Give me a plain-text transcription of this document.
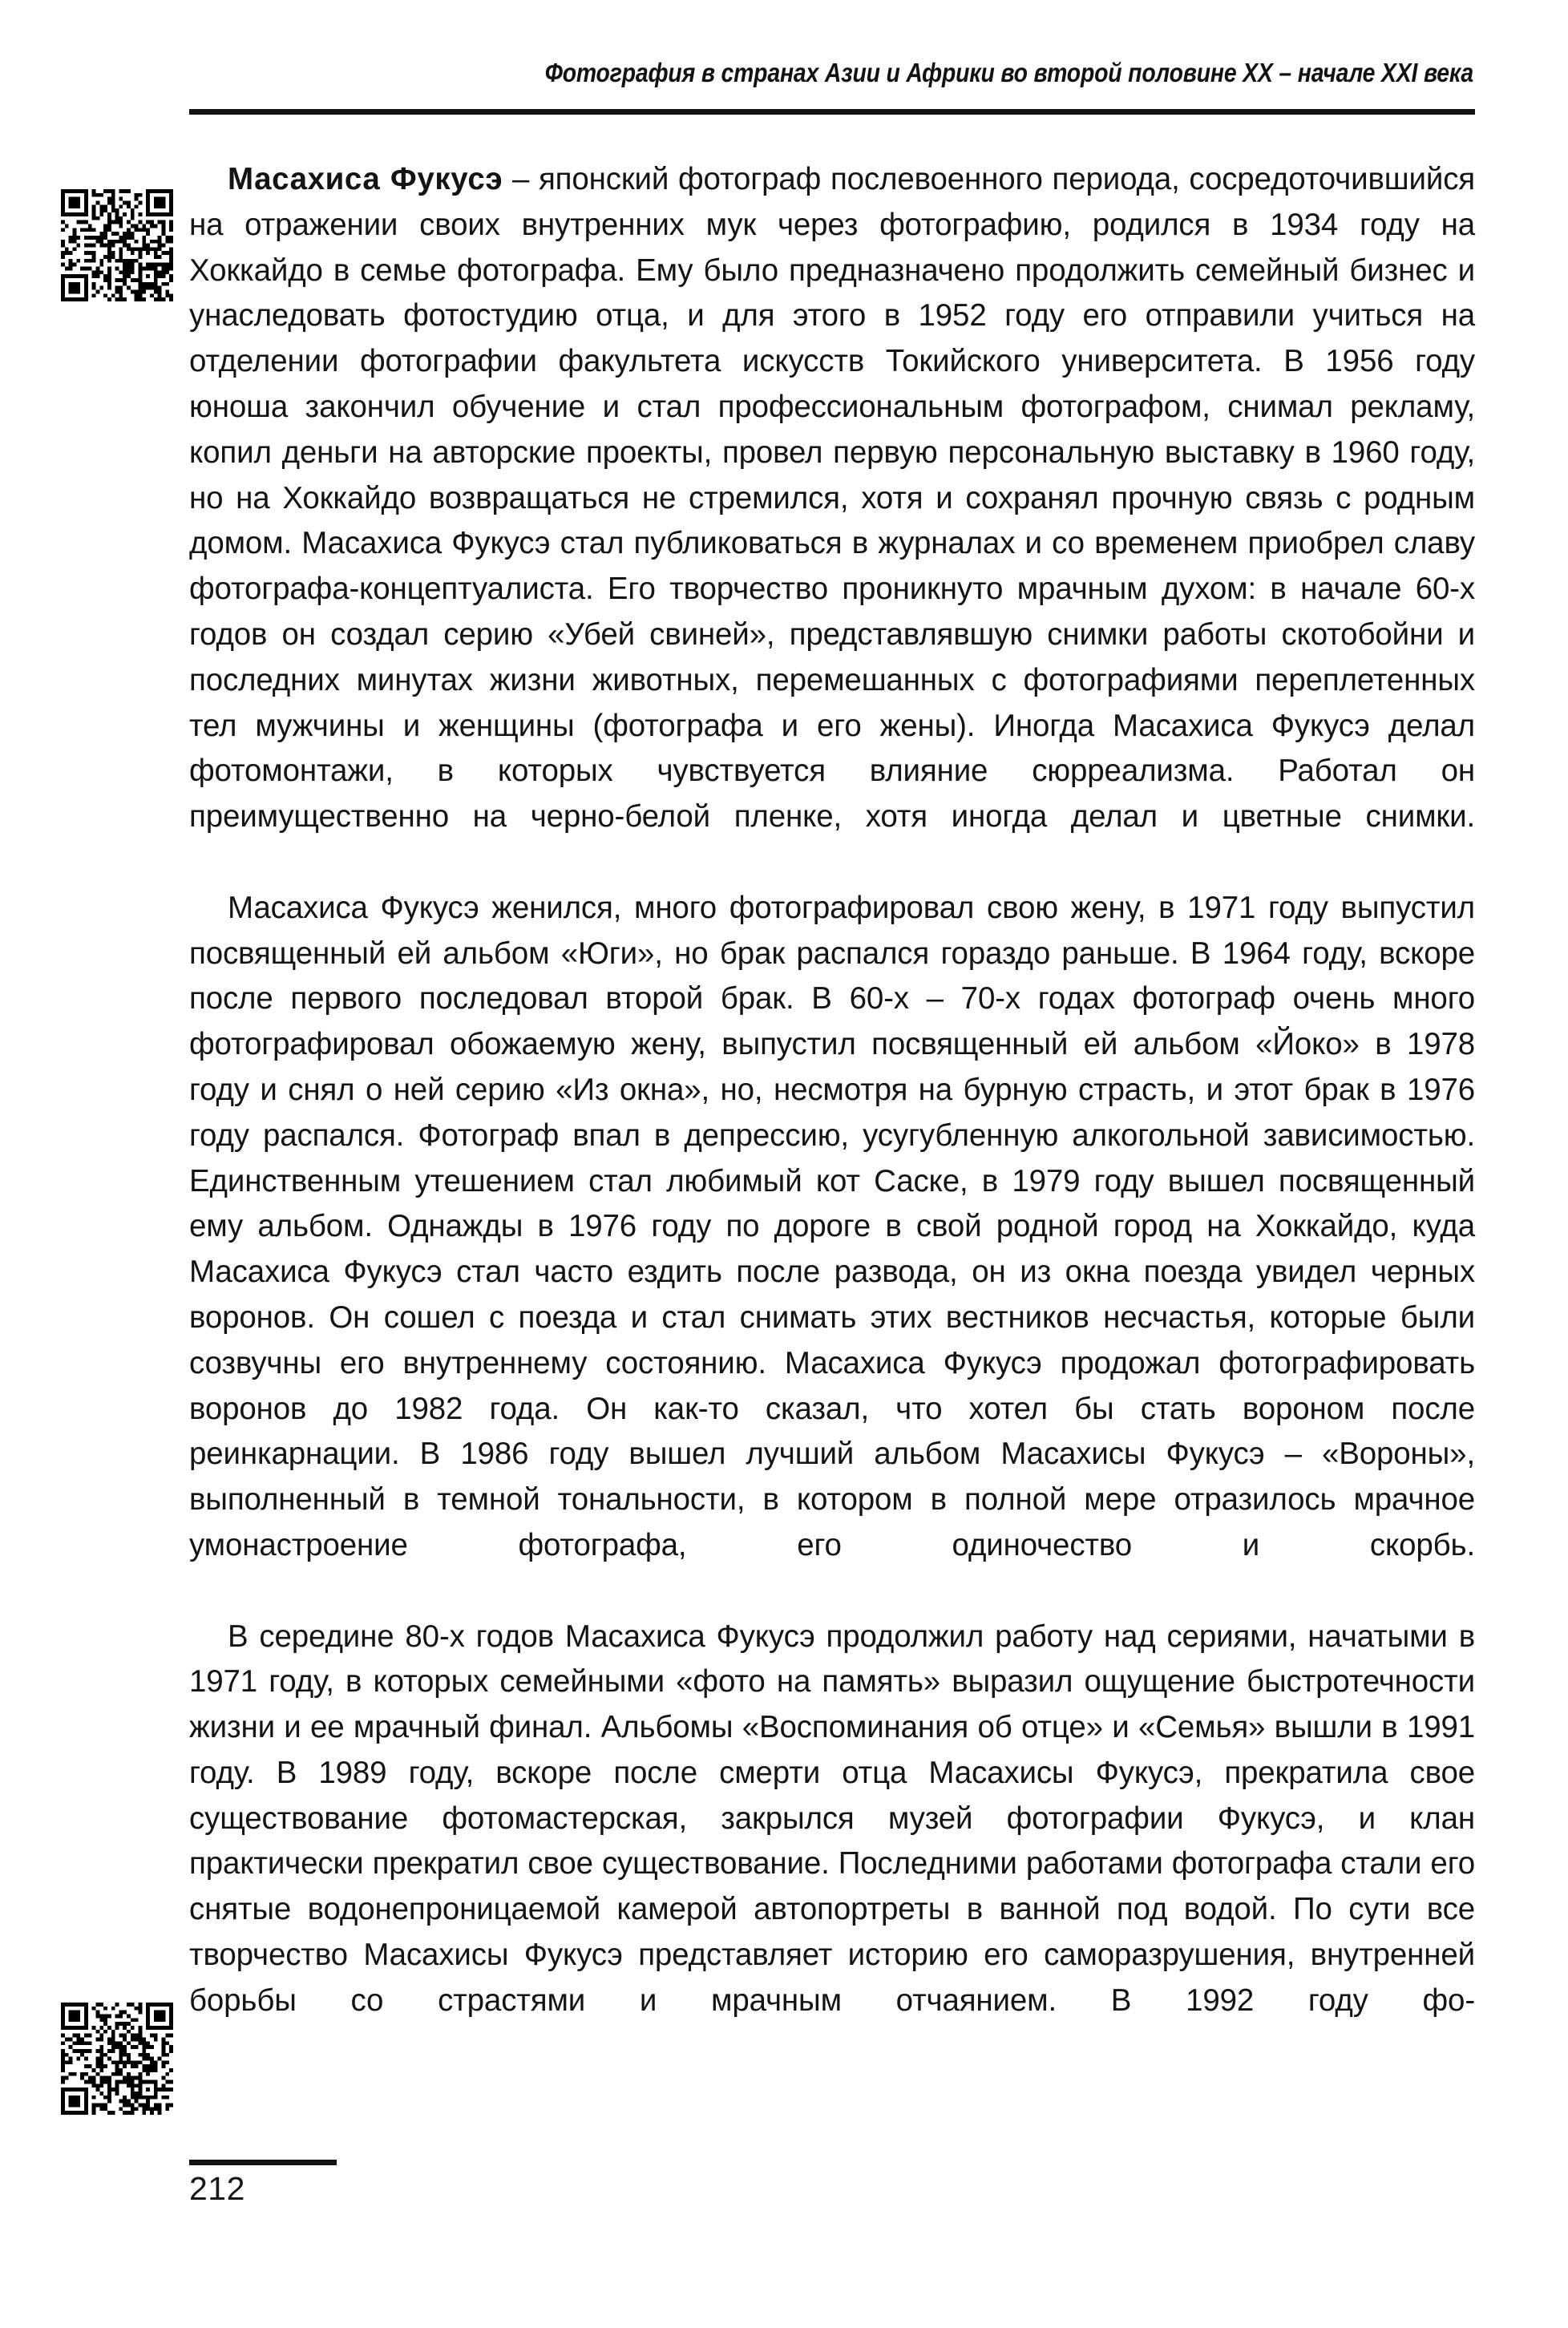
Фотография в странах Азии и Африки во второй половине XX – начале XXI века

Масахиса Фукусэ – японский фотограф послевоенного периода, сосредоточившийся на отражении своих внутренних мук через фотографию, родился в 1934 году на Хоккайдо в семье фотографа. Ему было предназначено продолжить семейный бизнес и унаследовать фотостудию отца, и для этого в 1952 году его отправили учиться на отделении фотографии факультета искусств Токийского университета. В 1956 году юноша закончил обучение и стал профессиональным фотографом, снимал рекламу, копил деньги на авторские проекты, провел первую персональную выставку в 1960 году, но на Хоккайдо возвращаться не стремился, хотя и сохранял прочную связь с родным домом. Масахиса Фукусэ стал публиковаться в журналах и со временем приобрел славу фотографа-концептуалиста. Его творчество проникнуто мрачным духом: в начале 60-х годов он создал серию «Убей свиней», представлявшую снимки работы скотобойни и последних минутах жизни животных, перемешанных с фотографиями переплетенных тел мужчины и женщины (фотографа и его жены). Иногда Масахиса Фукусэ делал фотомонтажи, в которых чувствуется влияние сюрреализма. Работал он преимущественно на черно-белой пленке, хотя иногда делал и цветные снимки.

Масахиса Фукусэ женился, много фотографировал свою жену, в 1971 году выпустил посвященный ей альбом «Юги», но брак распался гораздо раньше. В 1964 году, вскоре после первого последовал второй брак. В 60-х – 70-х годах фотограф очень много фотографировал обожаемую жену, выпустил посвященный ей альбом «Йоко» в 1978 году и снял о ней серию «Из окна», но, несмотря на бурную страсть, и этот брак в 1976 году распался. Фотограф впал в депрессию, усугубленную алкогольной зависимостью. Единственным утешением стал любимый кот Саске, в 1979 году вышел посвященный ему альбом. Однажды в 1976 году по дороге в свой родной город на Хоккайдо, куда Масахиса Фукусэ стал часто ездить после развода, он из окна поезда увидел черных воронов. Он сошел с поезда и стал снимать этих вестников несчастья, которые были созвучны его внутреннему состоянию. Масахиса Фукусэ продожал фотографировать воронов до 1982 года. Он как-то сказал, что хотел бы стать вороном после реинкарнации. В 1986 году вышел лучший альбом Масахисы Фукусэ – «Вороны», выполненный в темной тональности, в котором в полной мере отразилось мрачное умонастроение фотографа, его одиночество и скорбь.

В середине 80-х годов Масахиса Фукусэ продолжил работу над сериями, начатыми в 1971 году, в которых семейными «фото на память» выразил ощущение быстротечности жизни и ее мрачный финал. Альбомы «Воспоминания об отце» и «Семья» вышли в 1991 году. В 1989 году, вскоре после смерти отца Масахисы Фукусэ, прекратила свое существование фотомастерская, закрылся музей фотографии Фукусэ, и клан практически прекратил свое существование. Последними работами фотографа стали его снятые водонепроницаемой камерой автопортреты в ванной под водой. По сути все творчество Масахисы Фукусэ представляет историю его саморазрушения, внутренней борьбы со страстями и мрачным отчаянием. В 1992 году фо-

212
